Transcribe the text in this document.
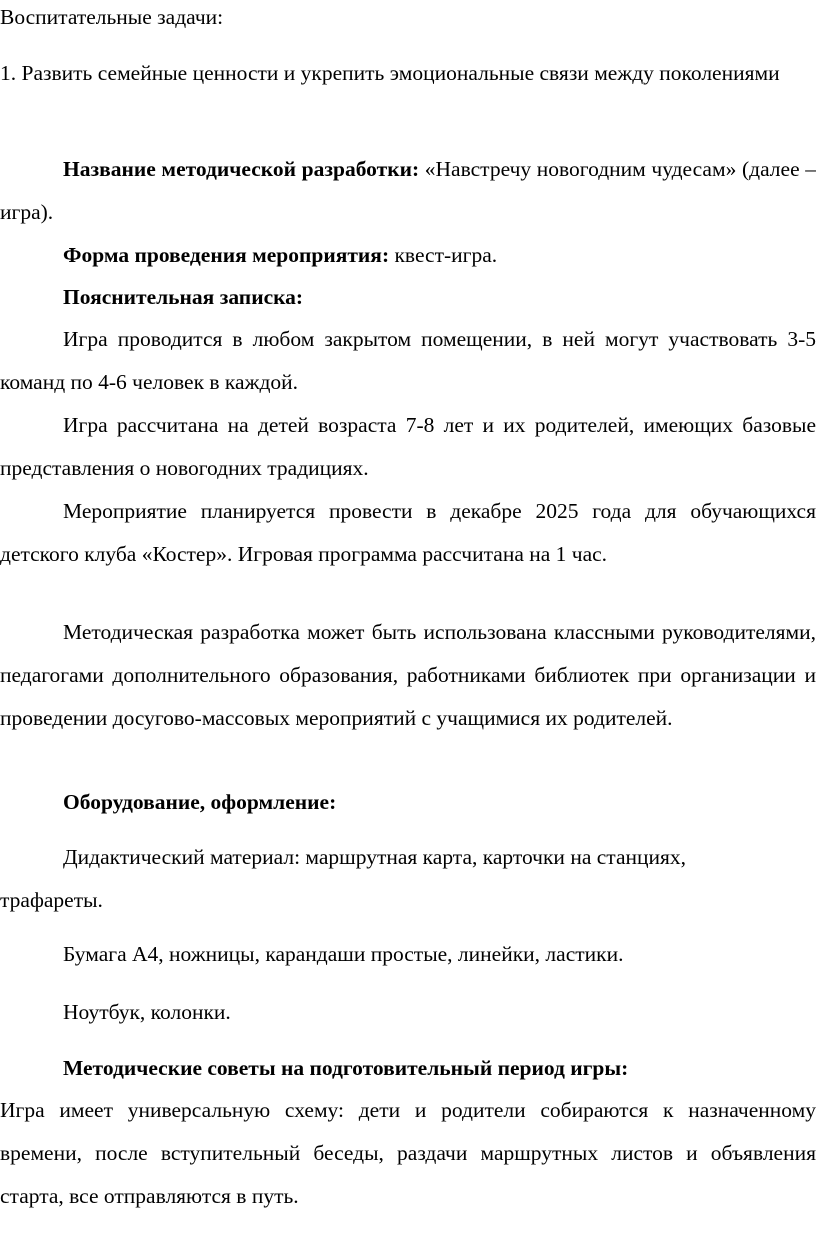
Воспитательные задачи:

1. Развить семейные ценности и укрепить эмоциональные связи между поколениями

Название методической разработки: «Навстречу новогодним чудесам» (далее – игра).

Форма проведения мероприятия: квест-игра.

Пояснительная записка:

Игра проводится в любом закрытом помещении, в ней могут участвовать 3-5 команд по 4-6 человек в каждой.

Игра рассчитана на детей возраста 7-8 лет и их родителей, имеющих базовые представления о новогодних традициях.

Мероприятие планируется провести в декабре 2025 года для обучающихся детского клуба «Костер». Игровая программа рассчитана на 1 час.

Методическая разработка может быть использована классными руководителями, педагогами дополнительного образования, работниками библиотек при организации и проведении досугово-массовых мероприятий с учащимися их родителей.

Оборудование, оформление:

Дидактический материал: маршрутная карта, карточки на станциях, трафареты.

Бумага А4, ножницы, карандаши простые, линейки, ластики.

Ноутбук, колонки.

Методические советы на подготовительный период игры:

Игра имеет универсальную схему: дети и родители собираются к назначенному времени, после вступительный беседы, раздачи маршрутных листов и объявления старта, все отправляются в путь.
